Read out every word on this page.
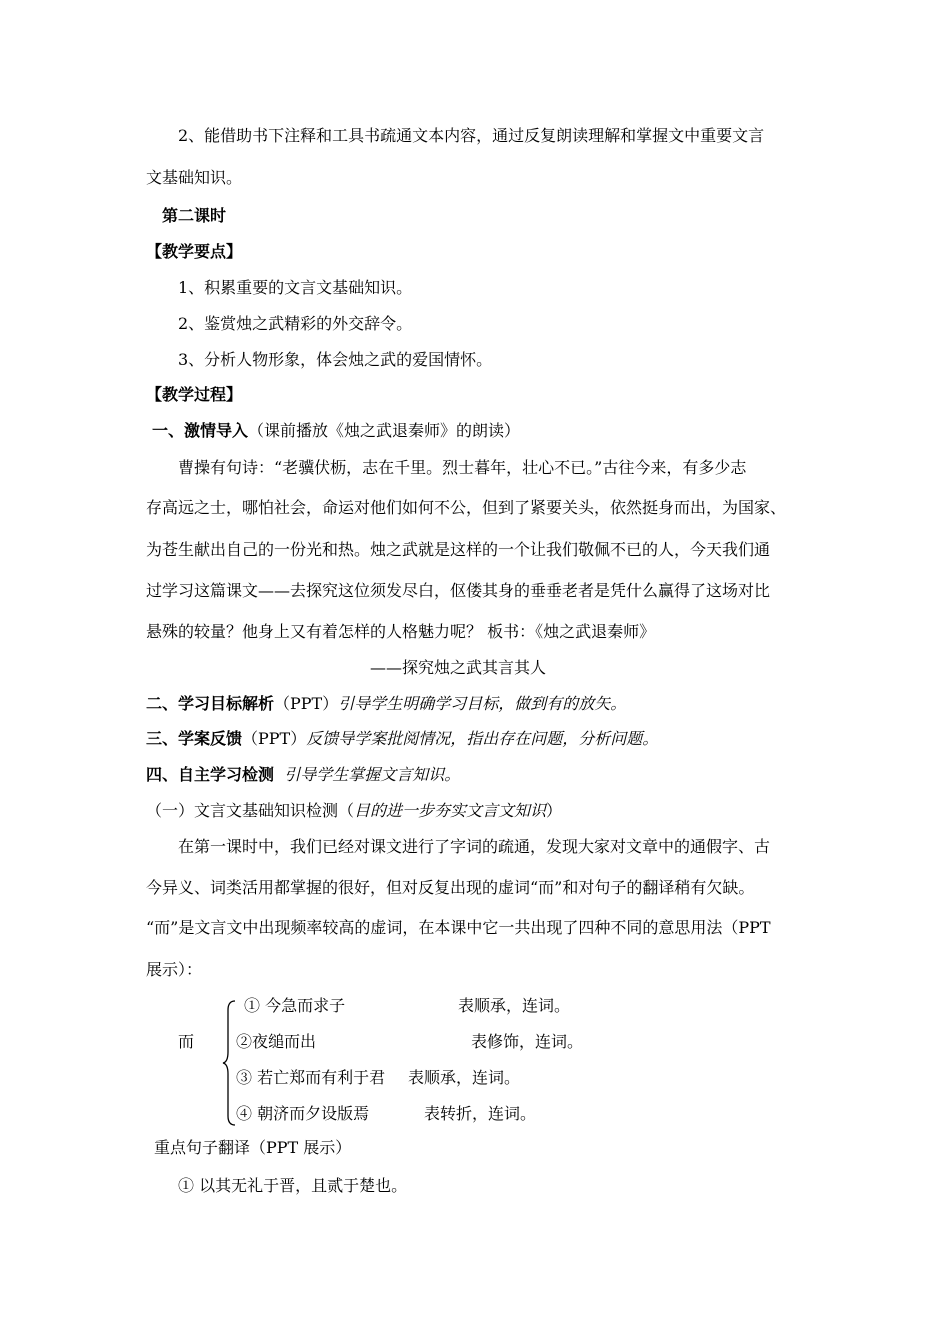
2、能借助书下注释和工具书疏通文本内容，通过反复朗读理解和掌握文中重要文言
文基础知识。
第二课时
【教学要点】
1、积累重要的文言文基础知识。
2、鉴赏烛之武精彩的外交辞令。
3、分析人物形象，体会烛之武的爱国情怀。
【教学过程】
一、激情导入（课前播放《烛之武退秦师》的朗读）
曹操有句诗：“老骥伏枥，志在千里。烈士暮年，壮心不已。”古往今来，有多少志
存高远之士，哪怕社会，命运对他们如何不公，但到了紧要关头，依然挺身而出，为国家、
为苍生献出自己的一份光和热。烛之武就是这样的一个让我们敬佩不已的人，今天我们通
过学习这篇课文——去探究这位须发尽白，伛偻其身的垂垂老者是凭什么赢得了这场对比
悬殊的较量？他身上又有着怎样的人格魅力呢？ 板书：《烛之武退秦师》
——探究烛之武其言其人
二、学习目标解析（PPT）引导学生明确学习目标，做到有的放矢。
三、学案反馈（PPT）反馈导学案批阅情况，指出存在问题，分析问题。
四、自主学习检测 引导学生掌握文言知识。
（一）文言文基础知识检测（目的进一步夯实文言文知识）
在第一课时中，我们已经对课文进行了字词的疏通，发现大家对文章中的通假字、古
今异义、词类活用都掌握的很好，但对反复出现的虚词“而”和对句子的翻译稍有欠缺。
“而”是文言文中出现频率较高的虚词，在本课中它一共出现了四种不同的意思用法（PPT
展示）：
而
① 今急而求子	表顺承，连词。
②夜缒而出	表修饰，连词。
③ 若亡郑而有利于君 表顺承，连词。
④ 朝济而夕设版焉	表转折，连词。
重点句子翻译（PPT 展示）
① 以其无礼于晋，且贰于楚也。
